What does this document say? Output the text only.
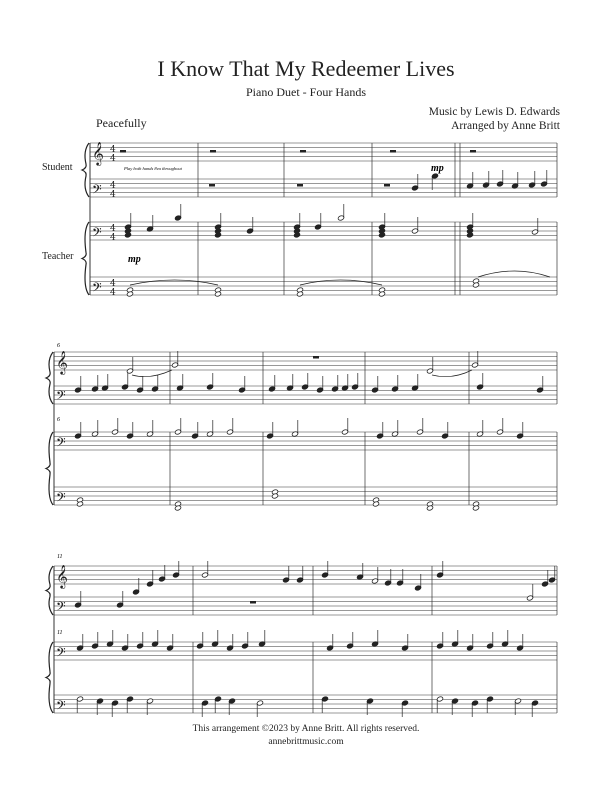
I Know That My Redeemer Lives
Piano Duet - Four Hands
Music by Lewis D. Edwards
Arranged by Anne Britt
Peacefully
Student
Teacher
𝄞
𝄢
𝄢
𝄢
4
4
4
4
4
4
4
4
𝄞
𝄢
𝄢
𝄢
𝄞
𝄢
𝄢
𝄢
Play both hands 8va throughout	mp
mp
6
6
11
11
This arrangement ©2023 by Anne Britt. All rights reserved.
annebrittmusic.com
